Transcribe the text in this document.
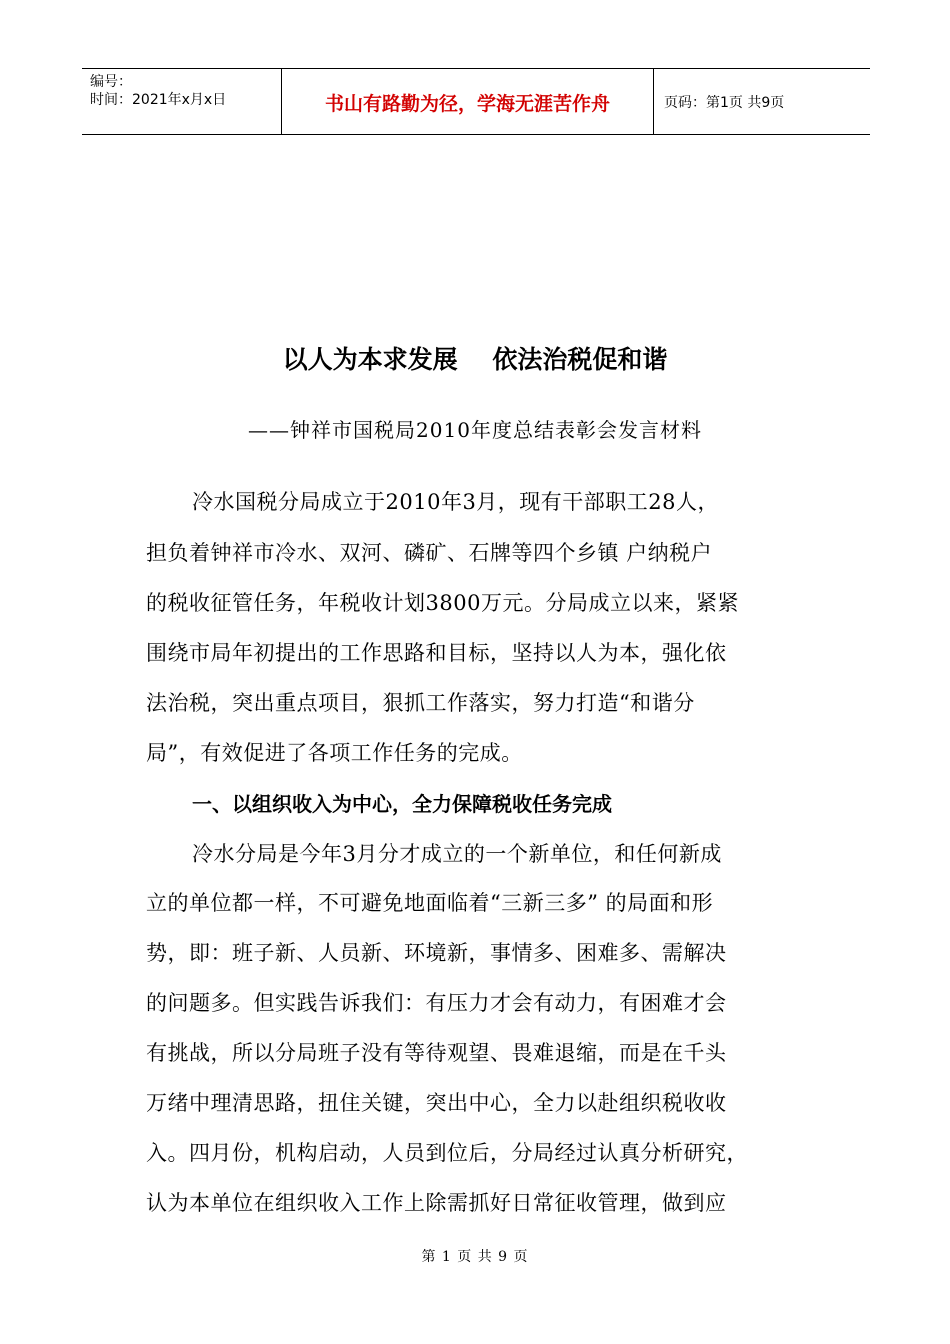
编号：
时间：2021年x月x日	书山有路勤为径，学海无涯苦作舟	页码：第1页 共9页
以人为本求发展    依法治税促和谐
——钟祥市国税局2010年度总结表彰会发言材料
冷水国税分局成立于2010年3月，现有干部职工28人，
担负着钟祥市冷水、双河、磷矿、石牌等四个乡镇 户纳税户
的税收征管任务，年税收计划3800万元。分局成立以来，紧紧
围绕市局年初提出的工作思路和目标，坚持以人为本，强化依
法治税，突出重点项目，狠抓工作落实，努力打造“和谐分
局”，有效促进了各项工作任务的完成。
一、以组织收入为中心，全力保障税收任务完成
冷水分局是今年3月分才成立的一个新单位，和任何新成
立的单位都一样，不可避免地面临着“三新三多” 的局面和形
势，即：班子新、人员新、环境新，事情多、困难多、需解决
的问题多。但实践告诉我们：有压力才会有动力，有困难才会
有挑战，所以分局班子没有等待观望、畏难退缩，而是在千头
万绪中理清思路，扭住关键，突出中心，全力以赴组织税收收
入。四月份，机构启动，人员到位后，分局经过认真分析研究，
认为本单位在组织收入工作上除需抓好日常征收管理，做到应
第 1 页 共 9 页
